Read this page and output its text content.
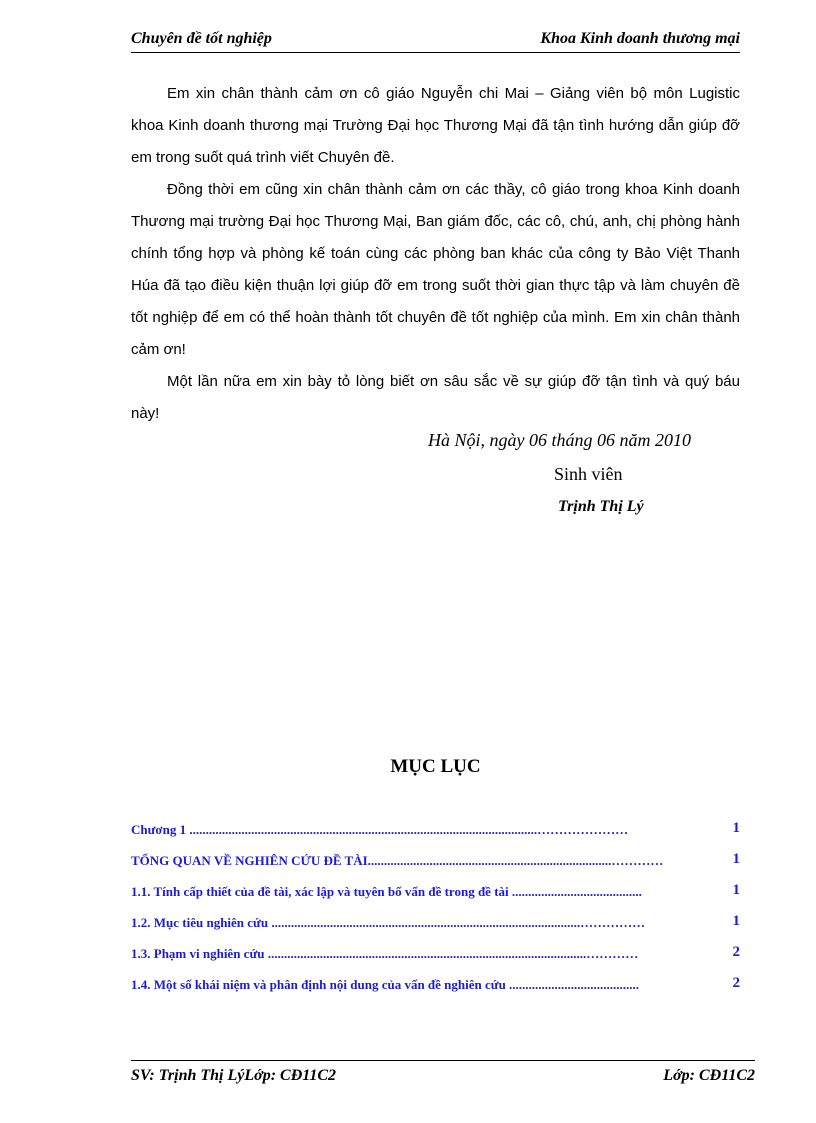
Chuyên đề tốt nghiệp	Khoa Kinh doanh thương mại

Em xin chân thành cảm ơn cô giáo Nguyễn chi Mai – Giảng viên bộ môn Lugistic khoa Kinh doanh thương mại Trường Đại học Thương Mại đã tận tình hướng dẫn giúp đỡ em trong suốt quá trình viết Chuyên đề.

Đồng thời em cũng xin chân thành cảm ơn các thầy, cô giáo trong khoa Kinh doanh Thương mại trường Đại học Thương Mại, Ban giám đốc, các cô, chú, anh, chị phòng hành chính tổng hợp và phòng kế toán cùng các phòng ban khác của công ty Bảo Việt Thanh Húa đã tạo điều kiện thuận lợi giúp đỡ em trong suốt thời gian thực tập và làm chuyên đề tốt nghiệp để em có thể hoàn thành tốt chuyên đề tốt nghiệp của mình. Em xin chân thành cảm ơn!

Một lần nữa em xin bày tỏ lòng biết ơn sâu sắc về sự giúp đỡ tận tình và quý báu này!

Hà Nội, ngày 06 tháng 06 năm 2010
Sinh viên
Trịnh Thị Lý
MỤC LỤC
Chương 1 ...........................................................................................................…………………	1
TỔNG QUAN VỀ NGHIÊN CỨU ĐỀ TÀI...........................................................................…………	1
1.1. Tính cấp thiết của đề tài, xác lập và tuyên bố vấn đề trong đề tài ........................................	1
1.2. Mục tiêu nghiên cứu ...............................................................................................……………	1
1.3. Phạm vi nghiên cứu ..................................................................................................…………	2
1.4. Một số khái niệm và phân định nội dung của vấn đề nghiên cứu ........................................	2
SV: Trịnh Thị LýLớp: CĐ11C2	Lớp: CĐ11C2
